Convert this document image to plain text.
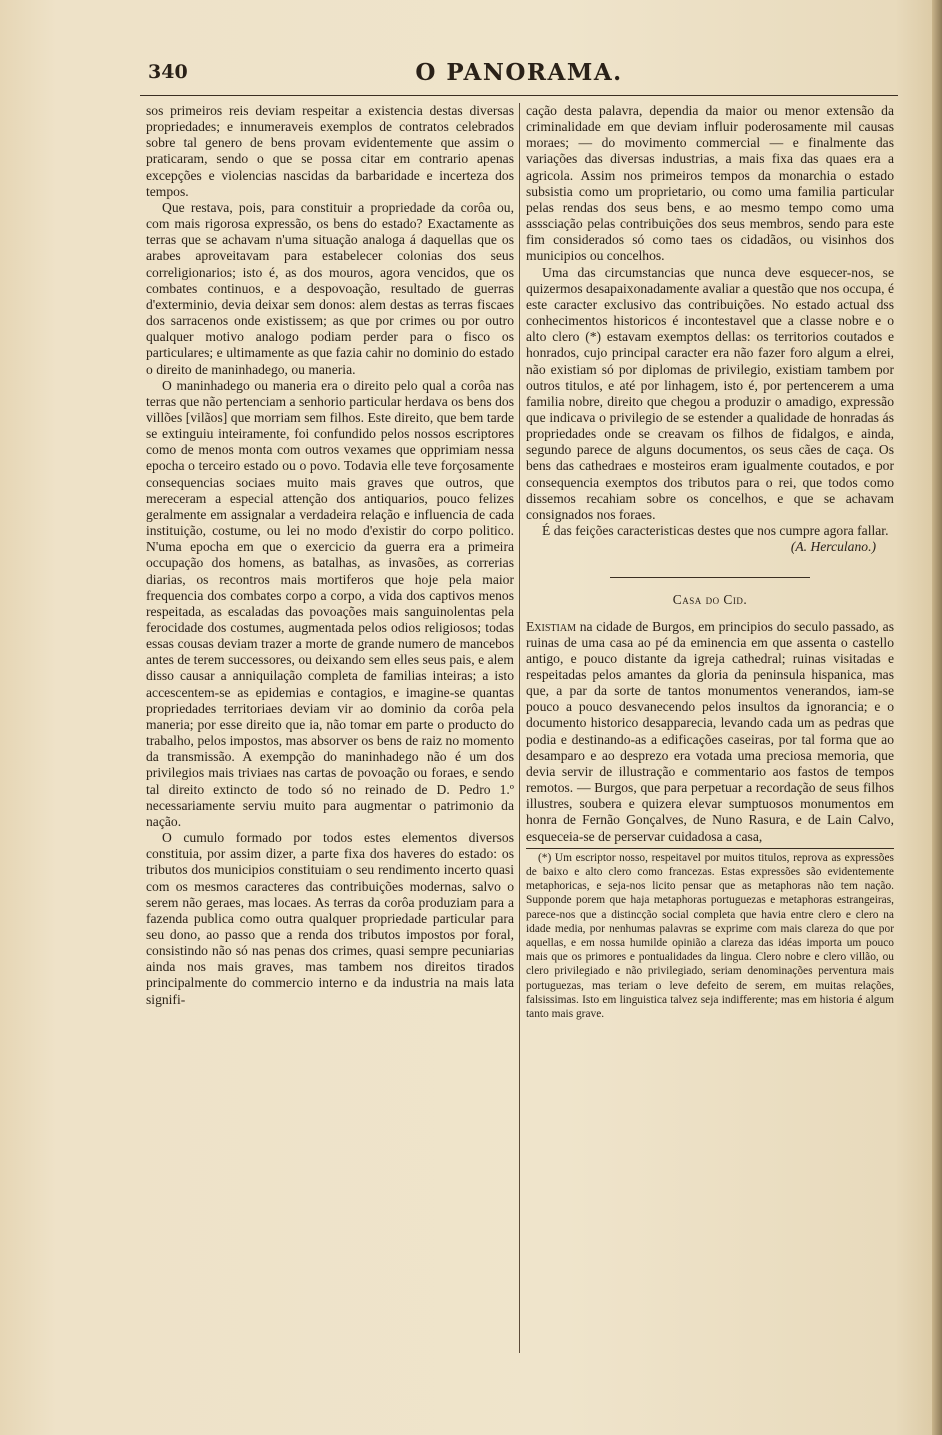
340	O PANORAMA.

sos primeiros reis deviam respeitar a existencia destas diversas propriedades; e innumeraveis exemplos de contratos celebrados sobre tal genero de bens provam evidentemente que assim o praticaram, sendo o que se possa citar em contrario apenas excepções e violencias nascidas da barbaridade e incerteza dos tempos.

Que restava, pois, para constituir a propriedade da corôa ou, com mais rigorosa expressão, os bens do estado? Exactamente as terras que se achavam n'uma situação analoga á daquellas que os arabes aproveitavam para estabelecer colonias dos seus correligionarios; isto é, as dos mouros, agora vencidos, que os combates continuos, e a despovoação, resultado de guerras d'exterminio, devia deixar sem donos: alem destas as terras fiscaes dos sarracenos onde existissem; as que por crimes ou por outro qualquer motivo analogo podiam perder para o fisco os particulares; e ultimamente as que fazia cahir no dominio do estado o direito de maninhadego, ou maneria.

O maninhadego ou maneria era o direito pelo qual a corôa nas terras que não pertenciam a senhorio particular herdava os bens dos villões [vilãos] que morriam sem filhos. Este direito, que bem tarde se extinguiu inteiramente, foi confundido pelos nossos escriptores como de menos monta com outros vexames que opprimiam nessa epocha o terceiro estado ou o povo. Todavia elle teve forçosamente consequencias sociaes muito mais graves que outros, que mereceram a especial attenção dos antiquarios, pouco felizes geralmente em assignalar a verdadeira relação e influencia de cada instituição, costume, ou lei no modo d'existir do corpo politico. N'uma epocha em que o exercicio da guerra era a primeira occupação dos homens, as batalhas, as invasões, as correrias diarias, os recontros mais mortiferos que hoje pela maior frequencia dos combates corpo a corpo, a vida dos captivos menos respeitada, as escaladas das povoações mais sanguinolentas pela ferocidade dos costumes, augmentada pelos odios religiosos; todas essas cousas deviam trazer a morte de grande numero de mancebos antes de terem successores, ou deixando sem elles seus pais, e alem disso causar a anniquilação completa de familias inteiras; a isto accescentem-se as epidemias e contagios, e imagine-se quantas propriedades territoriaes deviam vir ao dominio da corôa pela maneria; por esse direito que ia, não tomar em parte o producto do trabalho, pelos impostos, mas absorver os bens de raiz no momento da transmissão. A exempção do maninhadego não é um dos privilegios mais triviaes nas cartas de povoação ou foraes, e sendo tal direito extincto de todo só no reinado de D. Pedro 1.º necessariamente serviu muito para augmentar o patrimonio da nação.

O cumulo formado por todos estes elementos diversos constituia, por assim dizer, a parte fixa dos haveres do estado: os tributos dos municipios constituiam o seu rendimento incerto quasi com os mesmos caracteres das contribuições modernas, salvo o serem não geraes, mas locaes. As terras da corôa produziam para a fazenda publica como outra qualquer propriedade particular para seu dono, ao passo que a renda dos tributos impostos por foral, consistindo não só nas penas dos crimes, quasi sempre pecuniarias ainda nos mais graves, mas tambem nos direitos tirados principalmente do commercio interno e da industria na mais lata signifi-

cação desta palavra, dependia da maior ou menor extensão da criminalidade em que deviam influir poderosamente mil causas moraes; — do movimento commercial — e finalmente das variações das diversas industrias, a mais fixa das quaes era a agricola. Assim nos primeiros tempos da monarchia o estado subsistia como um proprietario, ou como uma familia particular pelas rendas dos seus bens, e ao mesmo tempo como uma asssciação pelas contribuições dos seus membros, sendo para este fim considerados só como taes os cidadãos, ou visinhos dos municipios ou concelhos.

Uma das circumstancias que nunca deve esquecer-nos, se quizermos desapaixonadamente avaliar a questão que nos occupa, é este caracter exclusivo das contribuições. No estado actual dss conhecimentos historicos é incontestavel que a classe nobre e o alto clero (*) estavam exemptos dellas: os territorios coutados e honrados, cujo principal caracter era não fazer foro algum a elrei, não existiam só por diplomas de privilegio, existiam tambem por outros titulos, e até por linhagem, isto é, por pertencerem a uma familia nobre, direito que chegou a produzir o amadigo, expressão que indicava o privilegio de se estender a qualidade de honradas ás propriedades onde se creavam os filhos de fidalgos, e ainda, segundo parece de alguns documentos, os seus cães de caça. Os bens das cathedraes e mosteiros eram igualmente coutados, e por consequencia exemptos dos tributos para o rei, que todos como dissemos recahiam sobre os concelhos, e que se achavam consignados nos foraes.

É das feições caracteristicas destes que nos cumpre agora fallar.

(A. Herculano.)

Casa do Cid.

Existiam na cidade de Burgos, em principios do seculo passado, as ruinas de uma casa ao pé da eminencia em que assenta o castello antigo, e pouco distante da igreja cathedral; ruinas visitadas e respeitadas pelos amantes da gloria da peninsula hispanica, mas que, a par da sorte de tantos monumentos venerandos, iam-se pouco a pouco desvanecendo pelos insultos da ignorancia; e o documento historico desapparecia, levando cada um as pedras que podia e destinando-as a edificações caseiras, por tal forma que ao desamparo e ao desprezo era votada uma preciosa memoria, que devia servir de illustração e commentario aos fastos de tempos remotos. — Burgos, que para perpetuar a recordação de seus filhos illustres, soubera e quizera elevar sumptuosos monumentos em honra de Fernão Gonçalves, de Nuno Rasura, e de Lain Calvo, esqueceia-se de perservar cuidadosa a casa,

(*) Um escriptor nosso, respeitavel por muitos titulos, reprova as expressões de baixo e alto clero como francezas. Estas expressões são evidentemente metaphoricas, e seja-nos licito pensar que as metaphoras não tem nação. Supponde porem que haja metaphoras portuguezas e metaphoras estrangeiras, parece-nos que a distincção social completa que havia entre clero e clero na idade media, por nenhumas palavras se exprime com mais clareza do que por aquellas, e em nossa humilde opinião a clareza das idéas importa um pouco mais que os primores e pontualidades da lingua. Clero nobre e clero villão, ou clero privilegiado e não privilegiado, seriam denominações perventura mais portuguezas, mas teriam o leve defeito de serem, em muitas relações, falsissimas. Isto em linguistica talvez seja indifferente; mas em historia é algum tanto mais grave.
